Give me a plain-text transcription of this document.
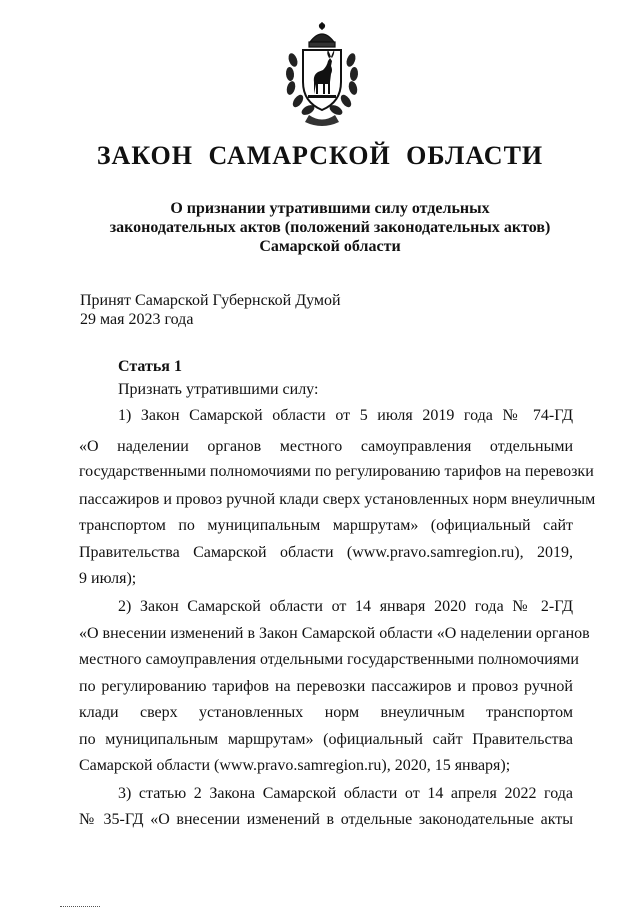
ЗАКОН САМАРСКОЙ ОБЛАСТИ
О признании утратившими силу отдельных
законодательных актов (положений законодательных актов)
Самарской области
Принят Самарской Губернской Думой
29 мая 2023 года
Статья 1
Признать утратившими силу:
1) Закон Самарской области от 5 июля 2019 года № 74-ГД
«О наделении органов местного самоуправления отдельными
государственными полномочиями по регулированию тарифов на перевозки
пассажиров и провоз ручной клади сверх установленных норм внеуличным
транспортом по муниципальным маршрутам» (официальный сайт
Правительства Самарской области (www.pravo.samregion.ru), 2019,
9 июля);
2) Закон Самарской области от 14 января 2020 года № 2-ГД
«О внесении изменений в Закон Самарской области «О наделении органов
местного самоуправления отдельными государственными полномочиями
по регулированию тарифов на перевозки пассажиров и провоз ручной
клади сверх установленных норм внеуличным транспортом
по муниципальным маршрутам» (официальный сайт Правительства
Самарской области (www.pravo.samregion.ru), 2020, 15 января);
3) статью 2 Закона Самарской области от 14 апреля 2022 года
№ 35-ГД «О внесении изменений в отдельные законодательные акты
